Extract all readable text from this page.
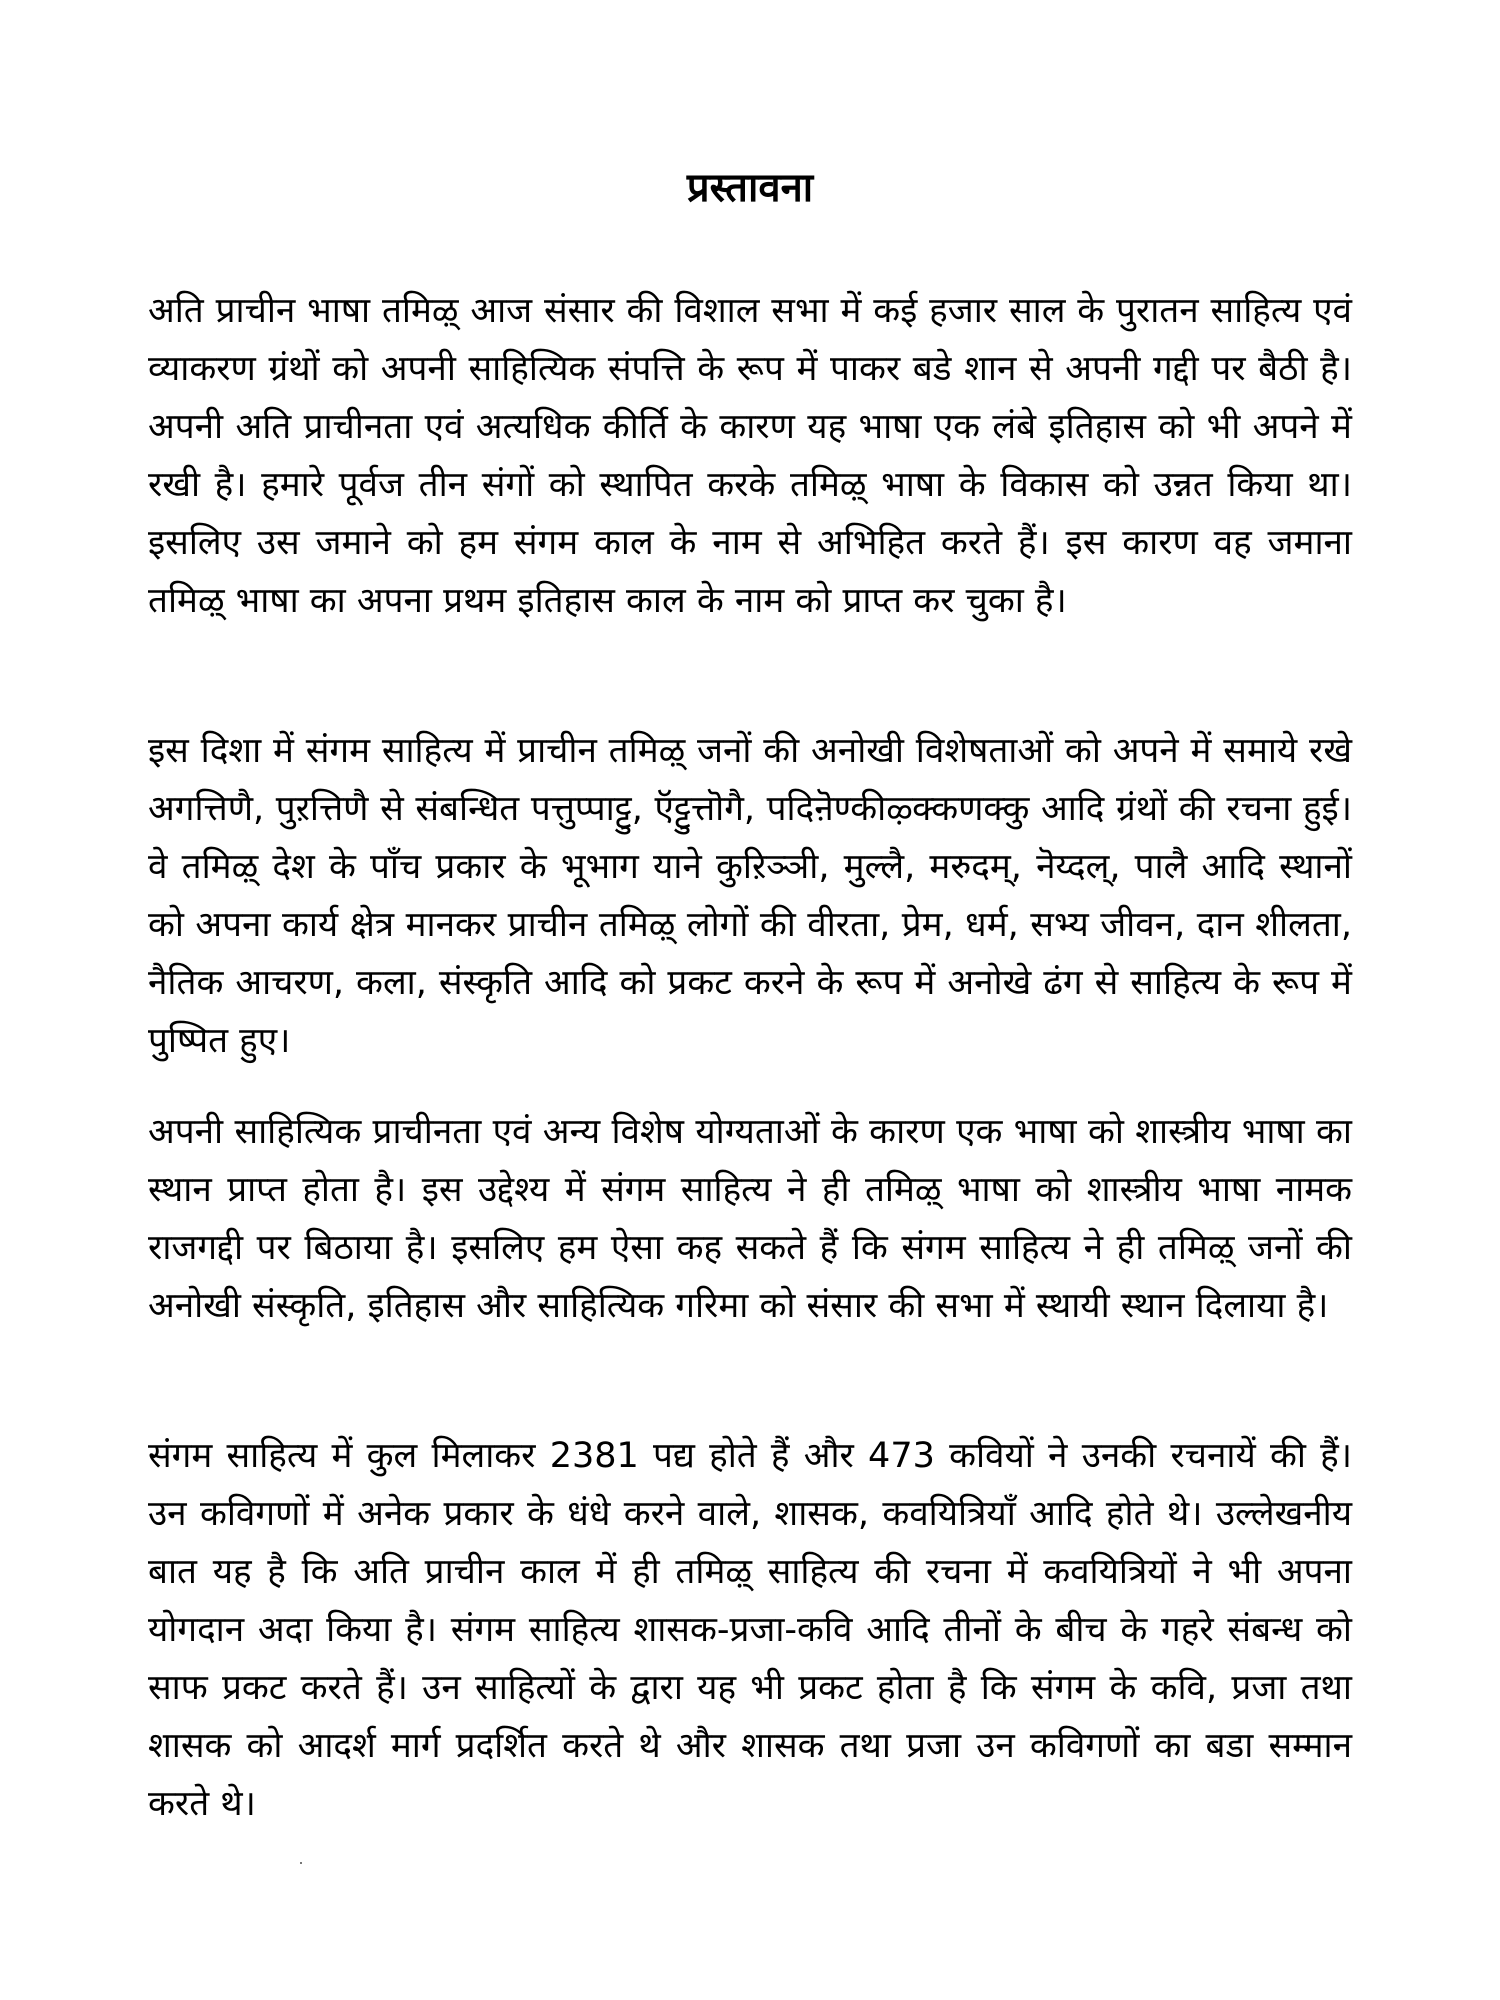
प्रस्तावना

अति प्राचीन भाषा तमिऴ् आज संसार की विशाल सभा में कई हजार साल के पुरातन साहित्य एवं व्याकरण ग्रंथों को अपनी साहित्यिक संपत्ति के रूप में पाकर बडे शान से अपनी गद्दी पर बैठी है। अपनी अति प्राचीनता एवं अत्यधिक कीर्ति के कारण यह भाषा एक लंबे इतिहास को भी अपने में रखी है। हमारे पूर्वज तीन संगों को स्थापित करके तमिऴ् भाषा के विकास को उन्नत किया था। इसलिए उस जमाने को हम संगम काल के नाम से अभिहित करते हैं। इस कारण वह जमाना तमिऴ् भाषा का अपना प्रथम इतिहास काल के नाम को प्राप्त कर चुका है।

इस दिशा में संगम साहित्य में प्राचीन तमिऴ् जनों की अनोखी विशेषताओं को अपने में समाये रखे अगत्तिणै, पुऱत्तिणै से संबन्धित पत्तुप्पाट्टु, ऍट्टुत्तॊगै, पदिऩॆण्कीऴ्क्कणक्कु आदि ग्रंथों की रचना हुई। वे तमिऴ् देश के पाँच प्रकार के भूभाग याने कुऱिञ्ञी, मुल्लै, मरुदम्, नॆय्दल्, पालै आदि स्थानों को अपना कार्य क्षेत्र मानकर प्राचीन तमिऴ् लोगों की वीरता, प्रेम, धर्म, सभ्य जीवन, दान शीलता, नैतिक आचरण, कला, संस्कृति आदि को प्रकट करने के रूप में अनोखे ढंग से साहित्य के रूप में पुष्पित हुए।

अपनी साहित्यिक प्राचीनता एवं अन्य विशेष योग्यताओं के कारण एक भाषा को शास्त्रीय भाषा का स्थान प्राप्त होता है। इस उद्देश्य में संगम साहित्य ने ही तमिऴ् भाषा को शास्त्रीय भाषा नामक राजगद्दी पर बिठाया है। इसलिए हम ऐसा कह सकते हैं कि संगम साहित्य ने ही तमिऴ् जनों की अनोखी संस्कृति, इतिहास और साहित्यिक गरिमा को संसार की सभा में स्थायी स्थान दिलाया है।

संगम साहित्य में कुल मिलाकर 2381 पद्य होते हैं और 473 कवियों ने उनकी रचनायें की हैं। उन कविगणों में अनेक प्रकार के धंधे करने वाले, शासक, कवयित्रियाँ आदि होते थे। उल्लेखनीय बात यह है कि अति प्राचीन काल में ही तमिऴ् साहित्य की रचना में कवयित्रियों ने भी अपना योगदान अदा किया है। संगम साहित्य शासक-प्रजा-कवि आदि तीनों के बीच के गहरे संबन्ध को साफ प्रकट करते हैं। उन साहित्यों के द्वारा यह भी प्रकट होता है कि संगम के कवि, प्रजा तथा शासक को आदर्श मार्ग प्रदर्शित करते थे और शासक तथा प्रजा उन कविगणों का बडा सम्मान करते थे।
